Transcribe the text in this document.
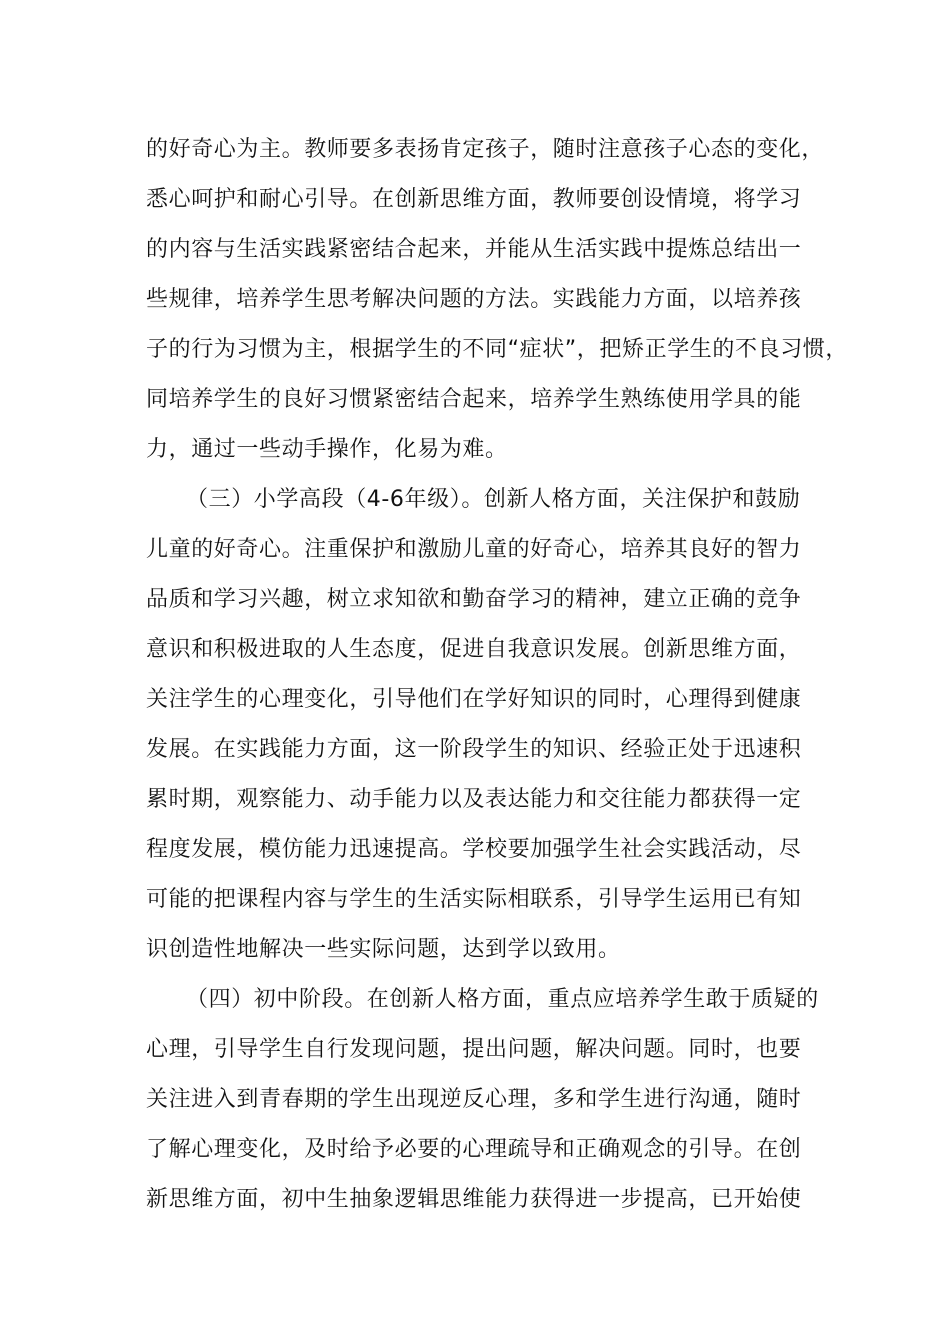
的好奇心为主。教师要多表扬肯定孩子，随时注意孩子心态的变化，
悉心呵护和耐心引导。在创新思维方面，教师要创设情境，将学习
的内容与生活实践紧密结合起来，并能从生活实践中提炼总结出一
些规律，培养学生思考解决问题的方法。实践能力方面，以培养孩
子的行为习惯为主，根据学生的不同“症状”，把矫正学生的不良习惯，
同培养学生的良好习惯紧密结合起来，培养学生熟练使用学具的能
力，通过一些动手操作，化易为难。
（三）小学高段（4-6年级）。创新人格方面，关注保护和鼓励
儿童的好奇心。注重保护和激励儿童的好奇心，培养其良好的智力
品质和学习兴趣，树立求知欲和勤奋学习的精神，建立正确的竞争
意识和积极进取的人生态度，促进自我意识发展。创新思维方面，
关注学生的心理变化，引导他们在学好知识的同时，心理得到健康
发展。在实践能力方面，这一阶段学生的知识、经验正处于迅速积
累时期，观察能力、动手能力以及表达能力和交往能力都获得一定
程度发展，模仿能力迅速提高。学校要加强学生社会实践活动，尽
可能的把课程内容与学生的生活实际相联系，引导学生运用已有知
识创造性地解决一些实际问题，达到学以致用。
（四）初中阶段。在创新人格方面，重点应培养学生敢于质疑的
心理，引导学生自行发现问题，提出问题，解决问题。同时，也要
关注进入到青春期的学生出现逆反心理，多和学生进行沟通，随时
了解心理变化，及时给予必要的心理疏导和正确观念的引导。在创
新思维方面，初中生抽象逻辑思维能力获得进一步提高，已开始使
